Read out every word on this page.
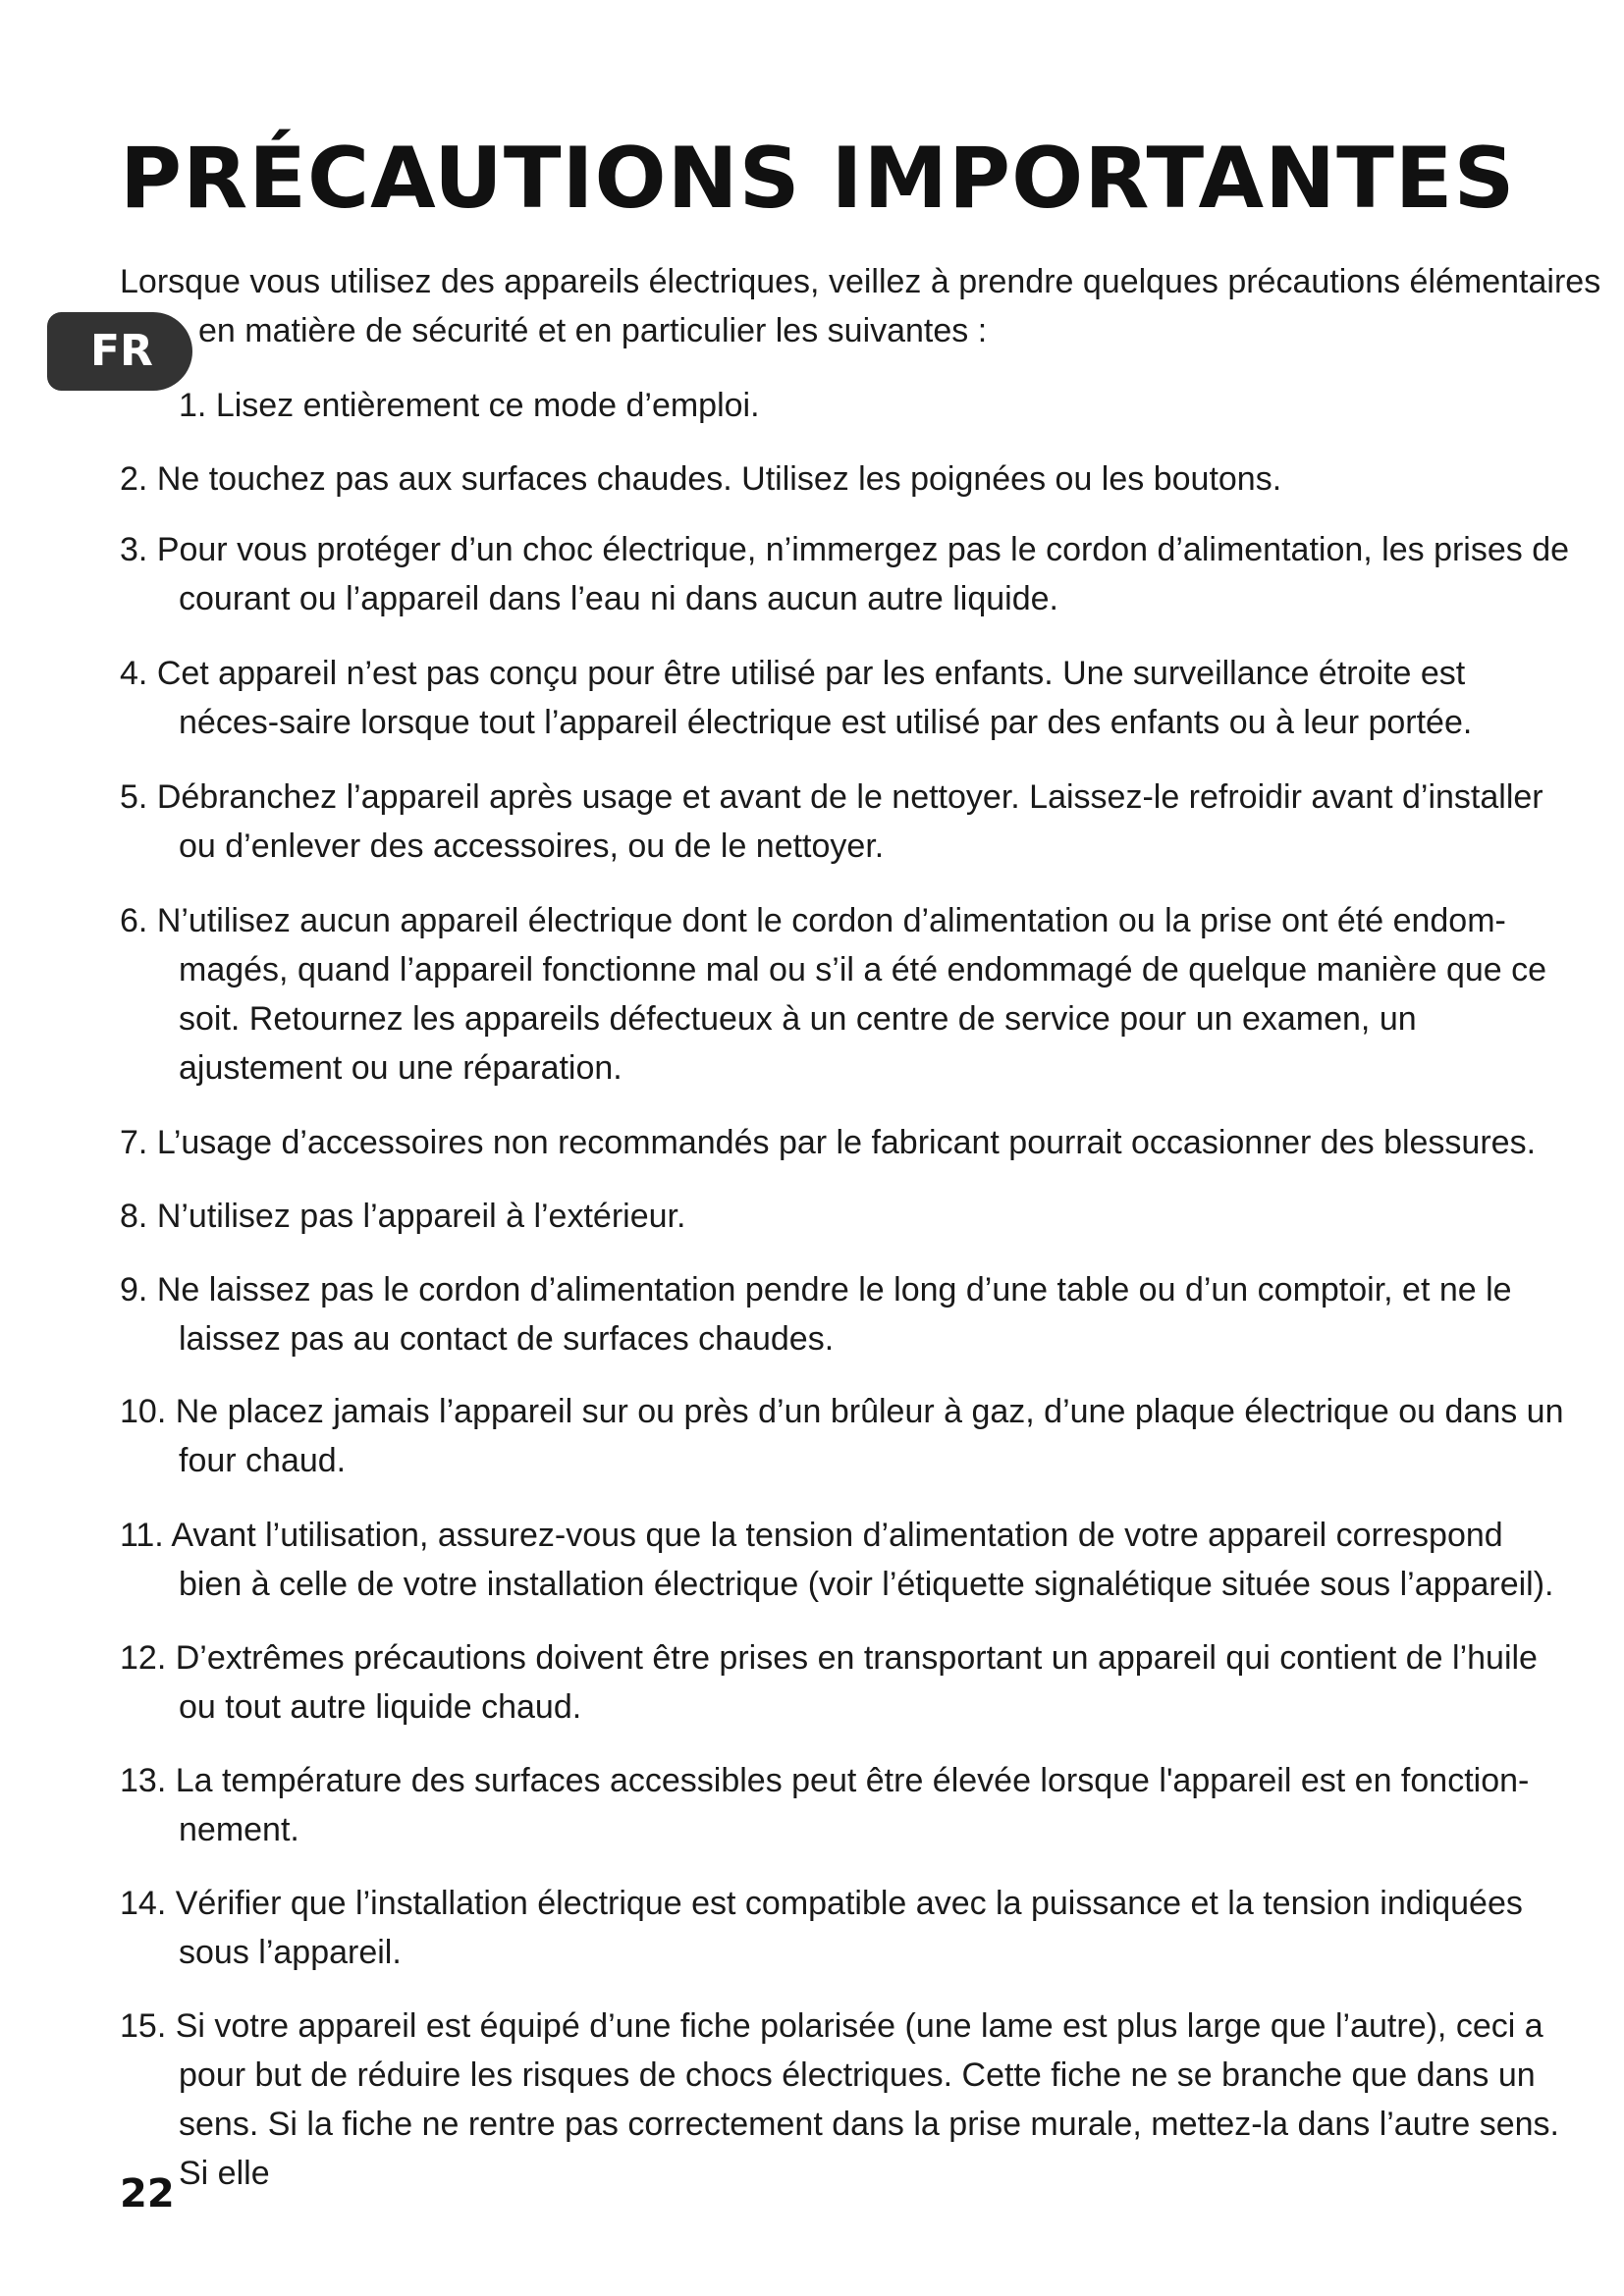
PRÉCAUTIONS IMPORTANTES
FR

Lorsque vous utilisez des appareils électriques, veillez à prendre quelques précautions élémentaires

en matière de sécurité et en particulier les suivantes :

1. Lisez entièrement ce mode d’emploi.
2. Ne touchez pas aux surfaces chaudes. Utilisez les poignées ou les boutons.
3. Pour vous protéger d’un choc électrique, n’immergez pas le cordon d’alimentation, les prises de courant ou l’appareil dans l’eau ni dans aucun autre liquide.
4. Cet appareil n’est pas conçu pour être utilisé par les enfants. Une surveillance étroite est néces-saire lorsque tout l’appareil électrique est utilisé par des enfants ou à leur portée.
5. Débranchez l’appareil après usage et avant de le nettoyer. Laissez-le refroidir avant d’installer ou d’enlever des accessoires, ou de le nettoyer.
6. N’utilisez aucun appareil électrique dont le cordon d’alimentation ou la prise ont été endom-magés, quand l’appareil fonctionne mal ou s’il a été endommagé de quelque manière que ce soit. Retournez les appareils défectueux à un centre de service pour un examen, un ajustement ou une réparation.
7. L’usage d’accessoires non recommandés par le fabricant pourrait occasionner des blessures.
8. N’utilisez pas l’appareil à l’extérieur.
9. Ne laissez pas le cordon d’alimentation pendre le long d’une table ou d’un comptoir, et ne le laissez pas au contact de surfaces chaudes.
10. Ne placez jamais l’appareil sur ou près d’un brûleur à gaz, d’une plaque électrique ou dans un four chaud.
11. Avant l’utilisation, assurez-vous que la tension d’alimentation de votre appareil correspond bien à celle de votre installation électrique (voir l’étiquette signalétique située sous l’appareil).
12. D’extrêmes précautions doivent être prises en transportant un appareil qui contient de l’huile ou tout autre liquide chaud.
13. La température des surfaces accessibles peut être élevée lorsque l'appareil est en fonction-nement.
14. Vérifier que l’installation électrique est compatible avec la puissance et la tension indiquées sous l’appareil.
15. Si votre appareil est équipé d’une fiche polarisée (une lame est plus large que l’autre), ceci a pour but de réduire les risques de chocs électriques. Cette fiche ne se branche que dans un sens. Si la fiche ne rentre pas correctement dans la prise murale, mettez-la dans l’autre sens. Si elle
22
